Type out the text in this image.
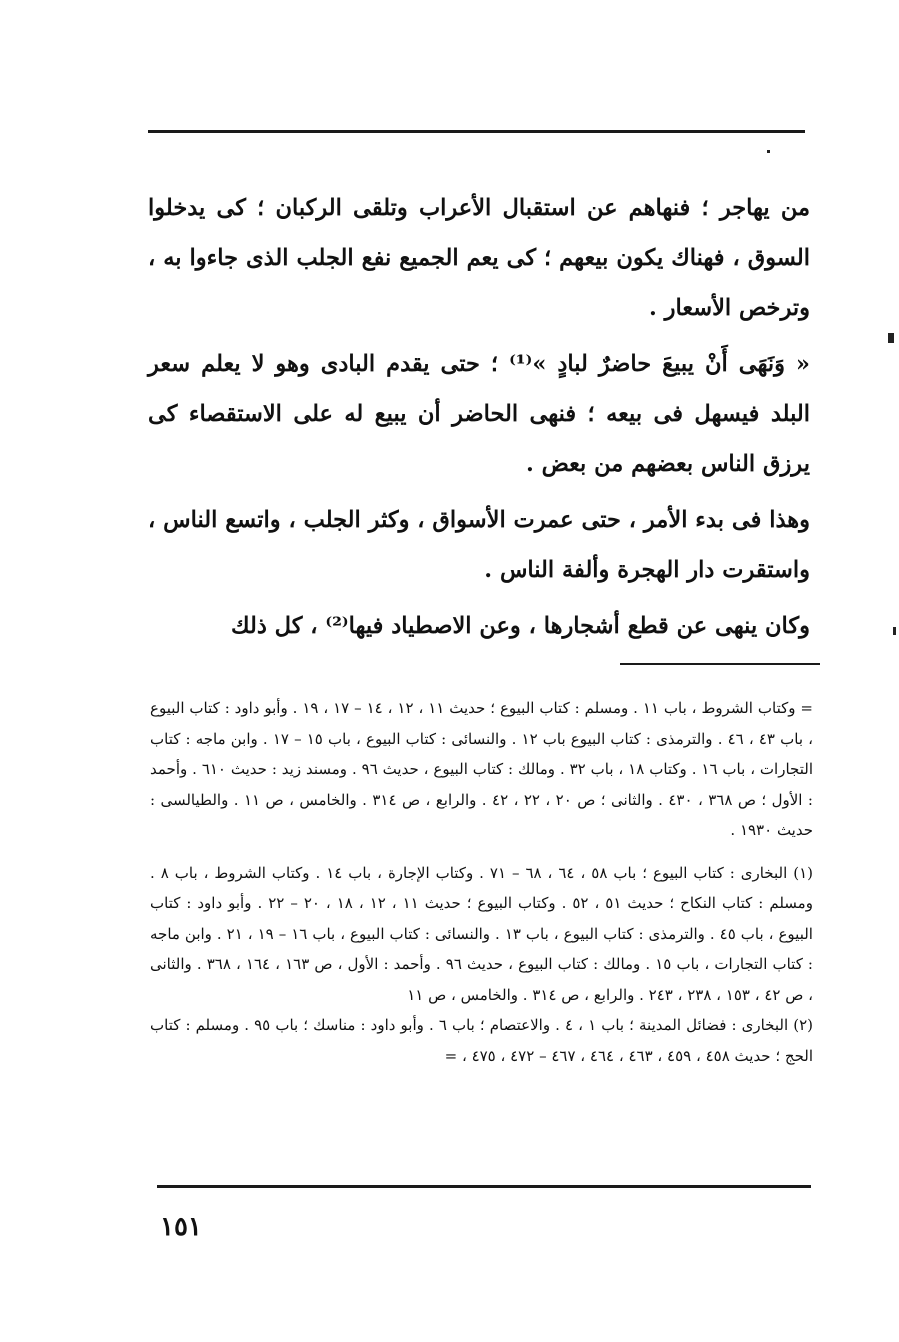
من يهاجر ؛ فنهاهم عن استقبال الأعراب وتلقى الركبان ؛ كى يدخلوا السوق ، فهناك يكون بيعهم ؛ كى يعم الجميع نفع الجلب الذى جاءوا به ، وترخص الأسعار .

« وَنَهَى أَنْ يبيعَ حاضرٌ لبادٍ »⁽¹⁾ ؛ حتى يقدم البادى وهو لا يعلم سعر البلد فيسهل فى بيعه ؛ فنهى الحاضر أن يبيع له على الاستقصاء كى يرزق الناس بعضهم من بعض .

وهذا فى بدء الأمر ، حتى عمرت الأسواق ، وكثر الجلب ، واتسع الناس ، واستقرت دار الهجرة وألفة الناس .

وكان ينهى عن قطع أشجارها ، وعن الاصطياد فيها⁽²⁾ ، كل ذلك

= وكتاب الشروط ، باب ١١ . ومسلم : كتاب البيوع ؛ حديث ١١ ، ١٢ ، ١٤ – ١٧ ، ١٩ . وأبو داود : كتاب البيوع ، باب ٤٣ ، ٤٦ . والترمذى : كتاب البيوع باب ١٢ . والنسائى : كتاب البيوع ، باب ١٥ – ١٧ . وابن ماجه : كتاب التجارات ، باب ١٦ . وكتاب ١٨ ، باب ٣٢ . ومالك : كتاب البيوع ، حديث ٩٦ . ومسند زيد : حديث ٦١٠ . وأحمد : الأول ؛ ص ٣٦٨ ، ٤٣٠ . والثانى ؛ ص ٢٠ ، ٢٢ ، ٤٢ . والرابع ، ص ٣١٤ . والخامس ، ص ١١ . والطيالسى : حديث ١٩٣٠ .

(١) البخارى : كتاب البيوع ؛ باب ٥٨ ، ٦٤ ، ٦٨ – ٧١ . وكتاب الإجارة ، باب ١٤ . وكتاب الشروط ، باب ٨ . ومسلم : كتاب النكاح ؛ حديث ٥١ ، ٥٢ . وكتاب البيوع ؛ حديث ١١ ، ١٢ ، ١٨ ، ٢٠ – ٢٢ . وأبو داود : كتاب البيوع ، باب ٤٥ . والترمذى : كتاب البيوع ، باب ١٣ . والنسائى : كتاب البيوع ، باب ١٦ – ١٩ ، ٢١ . وابن ماجه : كتاب التجارات ، باب ١٥ . ومالك : كتاب البيوع ، حديث ٩٦ . وأحمد : الأول ، ص ١٦٣ ، ١٦٤ ، ٣٦٨ . والثانى ، ص ٤٢ ، ١٥٣ ، ٢٣٨ ، ٢٤٣ . والرابع ، ص ٣١٤ . والخامس ، ص ١١

(٢) البخارى : فضائل المدينة ؛ باب ١ ، ٤ . والاعتصام ؛ باب ٦ . وأبو داود : مناسك ؛ باب ٩٥ . ومسلم : كتاب الحج ؛ حديث ٤٥٨ ، ٤٥٩ ، ٤٦٣ ، ٤٦٤ ، ٤٦٧ – ٤٧٢ ، ٤٧٥ ، =

١٥١
